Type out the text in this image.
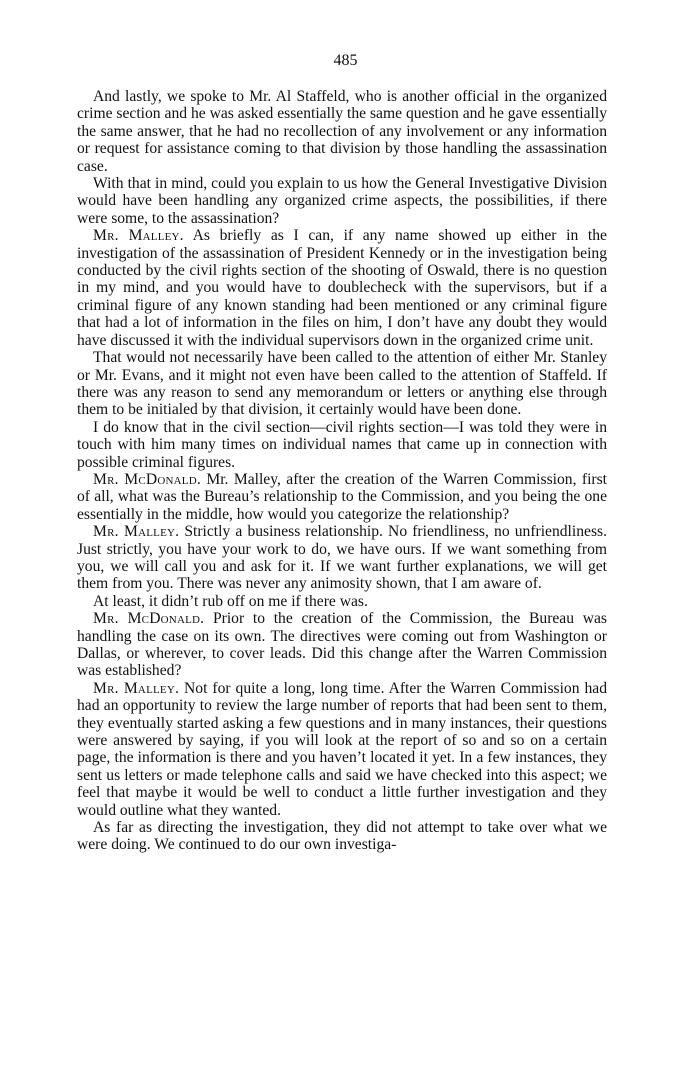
485

And lastly, we spoke to Mr. Al Staffeld, who is another official in the organized crime section and he was asked essentially the same question and he gave essentially the same answer, that he had no recollection of any involvement or any information or request for assistance coming to that division by those handling the assassination case.

With that in mind, could you explain to us how the General Investigative Division would have been handling any organized crime aspects, the possibilities, if there were some, to the assassination?

Mr. Malley. As briefly as I can, if any name showed up either in the investigation of the assassination of President Kennedy or in the investigation being conducted by the civil rights section of the shooting of Oswald, there is no question in my mind, and you would have to doublecheck with the supervisors, but if a criminal figure of any known standing had been mentioned or any criminal figure that had a lot of information in the files on him, I don’t have any doubt they would have discussed it with the individual supervisors down in the organized crime unit.

That would not necessarily have been called to the attention of either Mr. Stanley or Mr. Evans, and it might not even have been called to the attention of Staffeld. If there was any reason to send any memorandum or letters or anything else through them to be initialed by that division, it certainly would have been done.

I do know that in the civil section—civil rights section—I was told they were in touch with him many times on individual names that came up in connection with possible criminal figures.

Mr. McDonald. Mr. Malley, after the creation of the Warren Commission, first of all, what was the Bureau’s relationship to the Commission, and you being the one essentially in the middle, how would you categorize the relationship?

Mr. Malley. Strictly a business relationship. No friendliness, no unfriendliness. Just strictly, you have your work to do, we have ours. If we want something from you, we will call you and ask for it. If we want further explanations, we will get them from you. There was never any animosity shown, that I am aware of.

At least, it didn’t rub off on me if there was.

Mr. McDonald. Prior to the creation of the Commission, the Bureau was handling the case on its own. The directives were coming out from Washington or Dallas, or wherever, to cover leads. Did this change after the Warren Commission was established?

Mr. Malley. Not for quite a long, long time. After the Warren Commission had had an opportunity to review the large number of reports that had been sent to them, they eventually started asking a few questions and in many instances, their questions were answered by saying, if you will look at the report of so and so on a certain page, the information is there and you haven’t located it yet. In a few instances, they sent us letters or made telephone calls and said we have checked into this aspect; we feel that maybe it would be well to conduct a little further investigation and they would outline what they wanted.

As far as directing the investigation, they did not attempt to take over what we were doing. We continued to do our own investiga-
